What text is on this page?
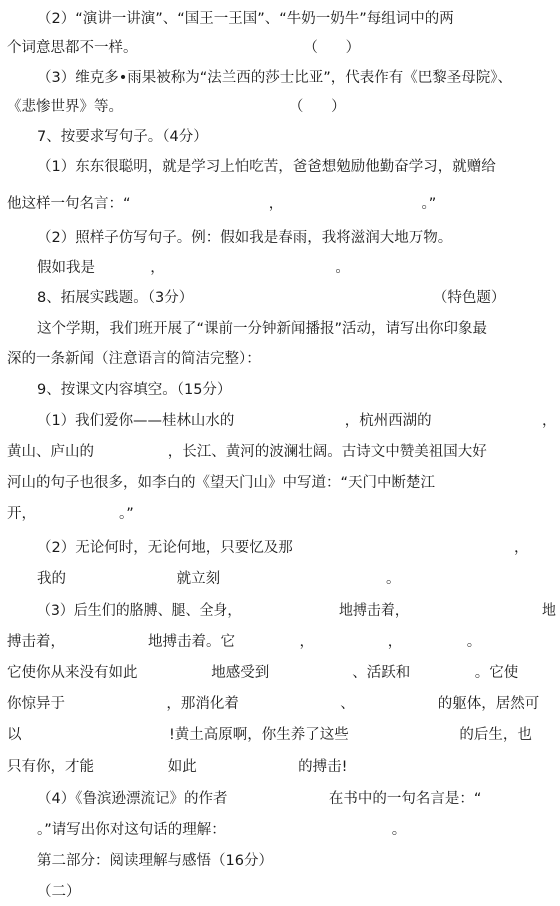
（2）“演讲一讲演”、“国王一王国”、“牛奶一奶牛”每组词中的两
个词意思都不一样。                                    （      ）
（3）维克多•雨果被称为“法兰西的莎士比亚”，代表作有《巴黎圣母院》、
《悲惨世界》等。                                    （      ）
7、按要求写句子。（4分）
（1）东东很聪明，就是学习上怕吃苦，爸爸想勉励他勤奋学习，就赠给
他这样一句名言：“                              ，                              。”
（2）照样子仿写句子。例：假如我是春雨，我将滋润大地万物。
假如我是            ，                                     。
8、拓展实践题。（3分）                                                    （特色题）
这个学期，我们班开展了“课前一分钟新闻播报”活动，请写出你印象最
深的一条新闻（注意语言的简洁完整）：
9、按课文内容填空。（15分）
（1）我们爱你——桂林山水的                        ，杭州西湖的                        ，
黄山、庐山的                ，长江、黄河的波澜壮阔。古诗文中赞美祖国大好
河山的句子也很多，如李白的《望天门山》中写道：“天门中断楚江
开，                  。”
（2）无论何时，无论何地，只要忆及那                                                ，
我的                        就立刻                                    。
（3）后生们的胳膊、腿、全身，                      地搏击着，                              地
搏击着，                  地搏击着。它              ，                ，              。
它使你从来没有如此                地感受到                  、活跃和              。它使
你惊异于                      ，那消化着                      、                  的躯体，居然可
以                                !黄土高原啊，你生养了这些                        的后生，也
只有你，才能                如此                      的搏击!
（4）《鲁滨逊漂流记》的作者                      在书中的一句名言是：“
。”请写出你对这句话的理解：                                    。
第二部分：阅读理解与感悟（16分）
（二）
